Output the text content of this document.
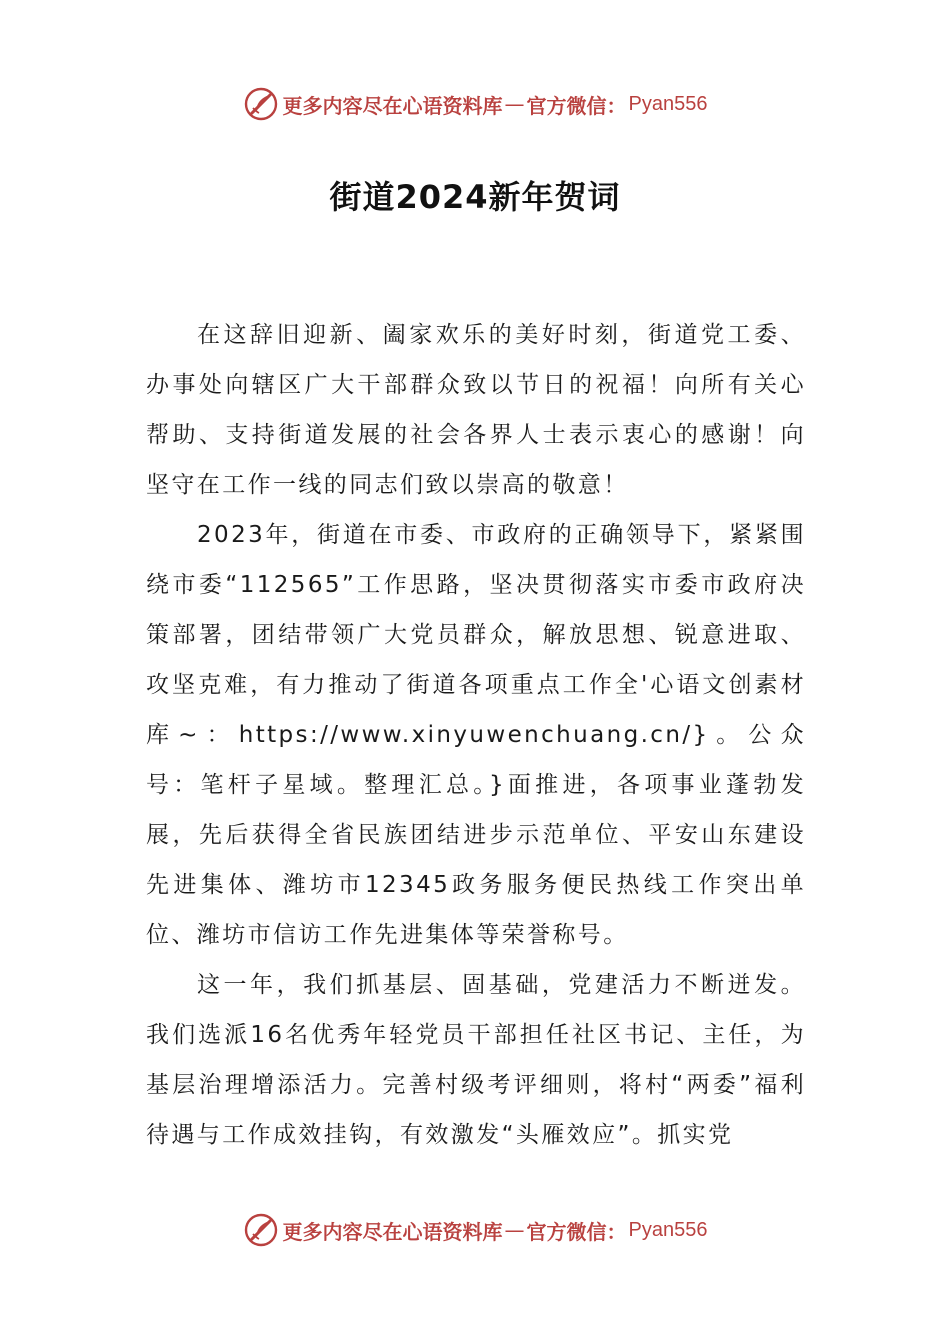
更多内容尽在心语资料库 — 官方微信： Pyan556
街道2024新年贺词

在这辞旧迎新、阖家欢乐的美好时刻，街道党工委、办事处向辖区广大干部群众致以节日的祝福！向所有关心帮助、支持街道发展的社会各界人士表示衷心的感谢！向坚守在工作一线的同志们致以崇高的敬意！

2023年，街道在市委、市政府的正确领导下，紧紧围绕市委“112565”工作思路，坚决贯彻落实市委市政府决策部署，团结带领广大党员群众，解放思想、锐意进取、攻坚克难，有力推动了街道各项重点工作全'心语文创素材库~：https://www.xinyuwenchuang.cn/}。公众号：笔杆子星域。整理汇总。}面推进，各项事业蓬勃发展，先后获得全省民族团结进步示范单位、平安山东建设先进集体、潍坊市12345政务服务便民热线工作突出单位、潍坊市信访工作先进集体等荣誉称号。

这一年，我们抓基层、固基础，党建活力不断迸发。我们选派16名优秀年轻党员干部担任社区书记、主任，为基层治理增添活力。完善村级考评细则，将村“两委”福利待遇与工作成效挂钩，有效激发“头雁效应”。抓实党

更多内容尽在心语资料库 — 官方微信： Pyan556
